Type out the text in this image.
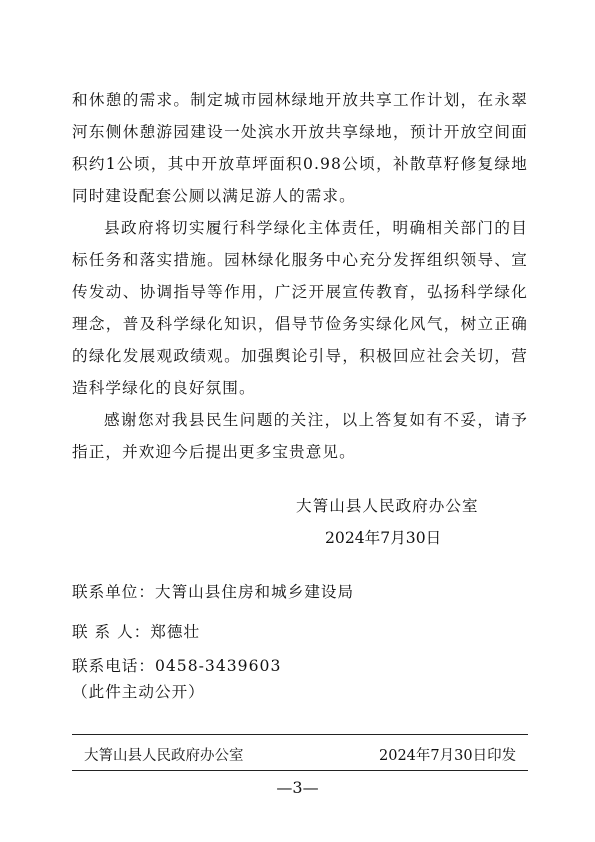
和休憩的需求。制定城市园林绿地开放共享工作计划，在永翠河东侧休憩游园建设一处滨水开放共享绿地，预计开放空间面积约1公顷，其中开放草坪面积0.98公顷，补散草籽修复绿地同时建设配套公厕以满足游人的需求。

县政府将切实履行科学绿化主体责任，明确相关部门的目标任务和落实措施。园林绿化服务中心充分发挥组织领导、宣传发动、协调指导等作用，广泛开展宣传教育，弘扬科学绿化理念，普及科学绿化知识，倡导节俭务实绿化风气，树立正确的绿化发展观政绩观。加强舆论引导，积极回应社会关切，营造科学绿化的良好氛围。

感谢您对我县民生问题的关注，以上答复如有不妥，请予指正，并欢迎今后提出更多宝贵意见。

大箐山县人民政府办公室
2024年7月30日
联系单位：大箐山县住房和城乡建设局
联 系 人：郑德壮
联系电话：0458-3439603
（此件主动公开）
大箐山县人民政府办公室	2024年7月30日印发
—3—
